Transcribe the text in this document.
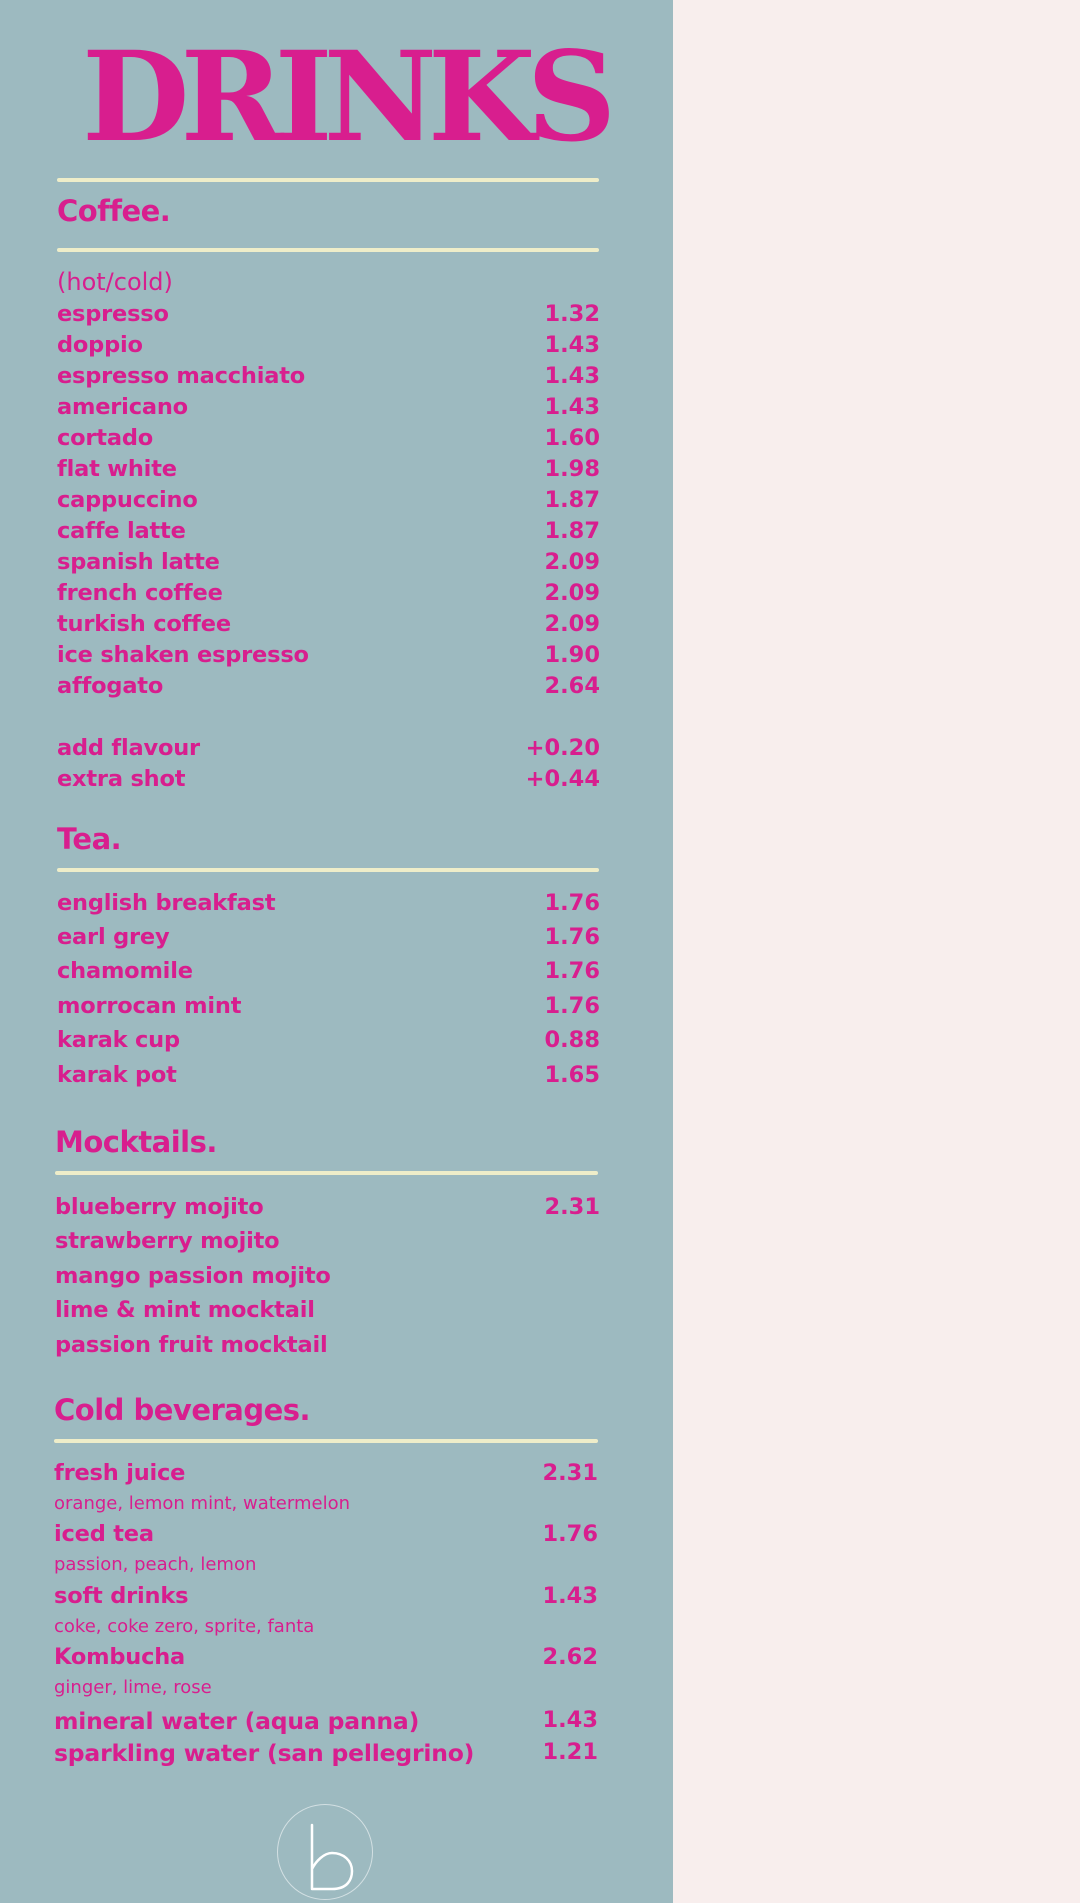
DRINKS
Coffee.
(hot/cold)
espresso	1.32
doppio	1.43
espresso macchiato	1.43
americano	1.43
cortado	1.60
flat white	1.98
cappuccino	1.87
caffe latte	1.87
spanish latte	2.09
french coffee	2.09
turkish coffee	2.09
ice shaken espresso	1.90
affogato	2.64
add flavour	+0.20
extra shot	+0.44
Tea.
english breakfast	1.76
earl grey	1.76
chamomile	1.76
morrocan mint	1.76
karak cup	0.88
karak pot	1.65
Mocktails.
blueberry mojito	2.31
strawberry mojito
mango passion mojito
lime & mint mocktail
passion fruit mocktail
Cold beverages.
fresh juice	2.31
orange, lemon mint, watermelon
iced tea	1.76
passion, peach, lemon
soft drinks	1.43
coke, coke zero, sprite, fanta
Kombucha	2.62
ginger, lime, rose
mineral water (aqua panna)	1.43
sparkling water (san pellegrino)	1.21
